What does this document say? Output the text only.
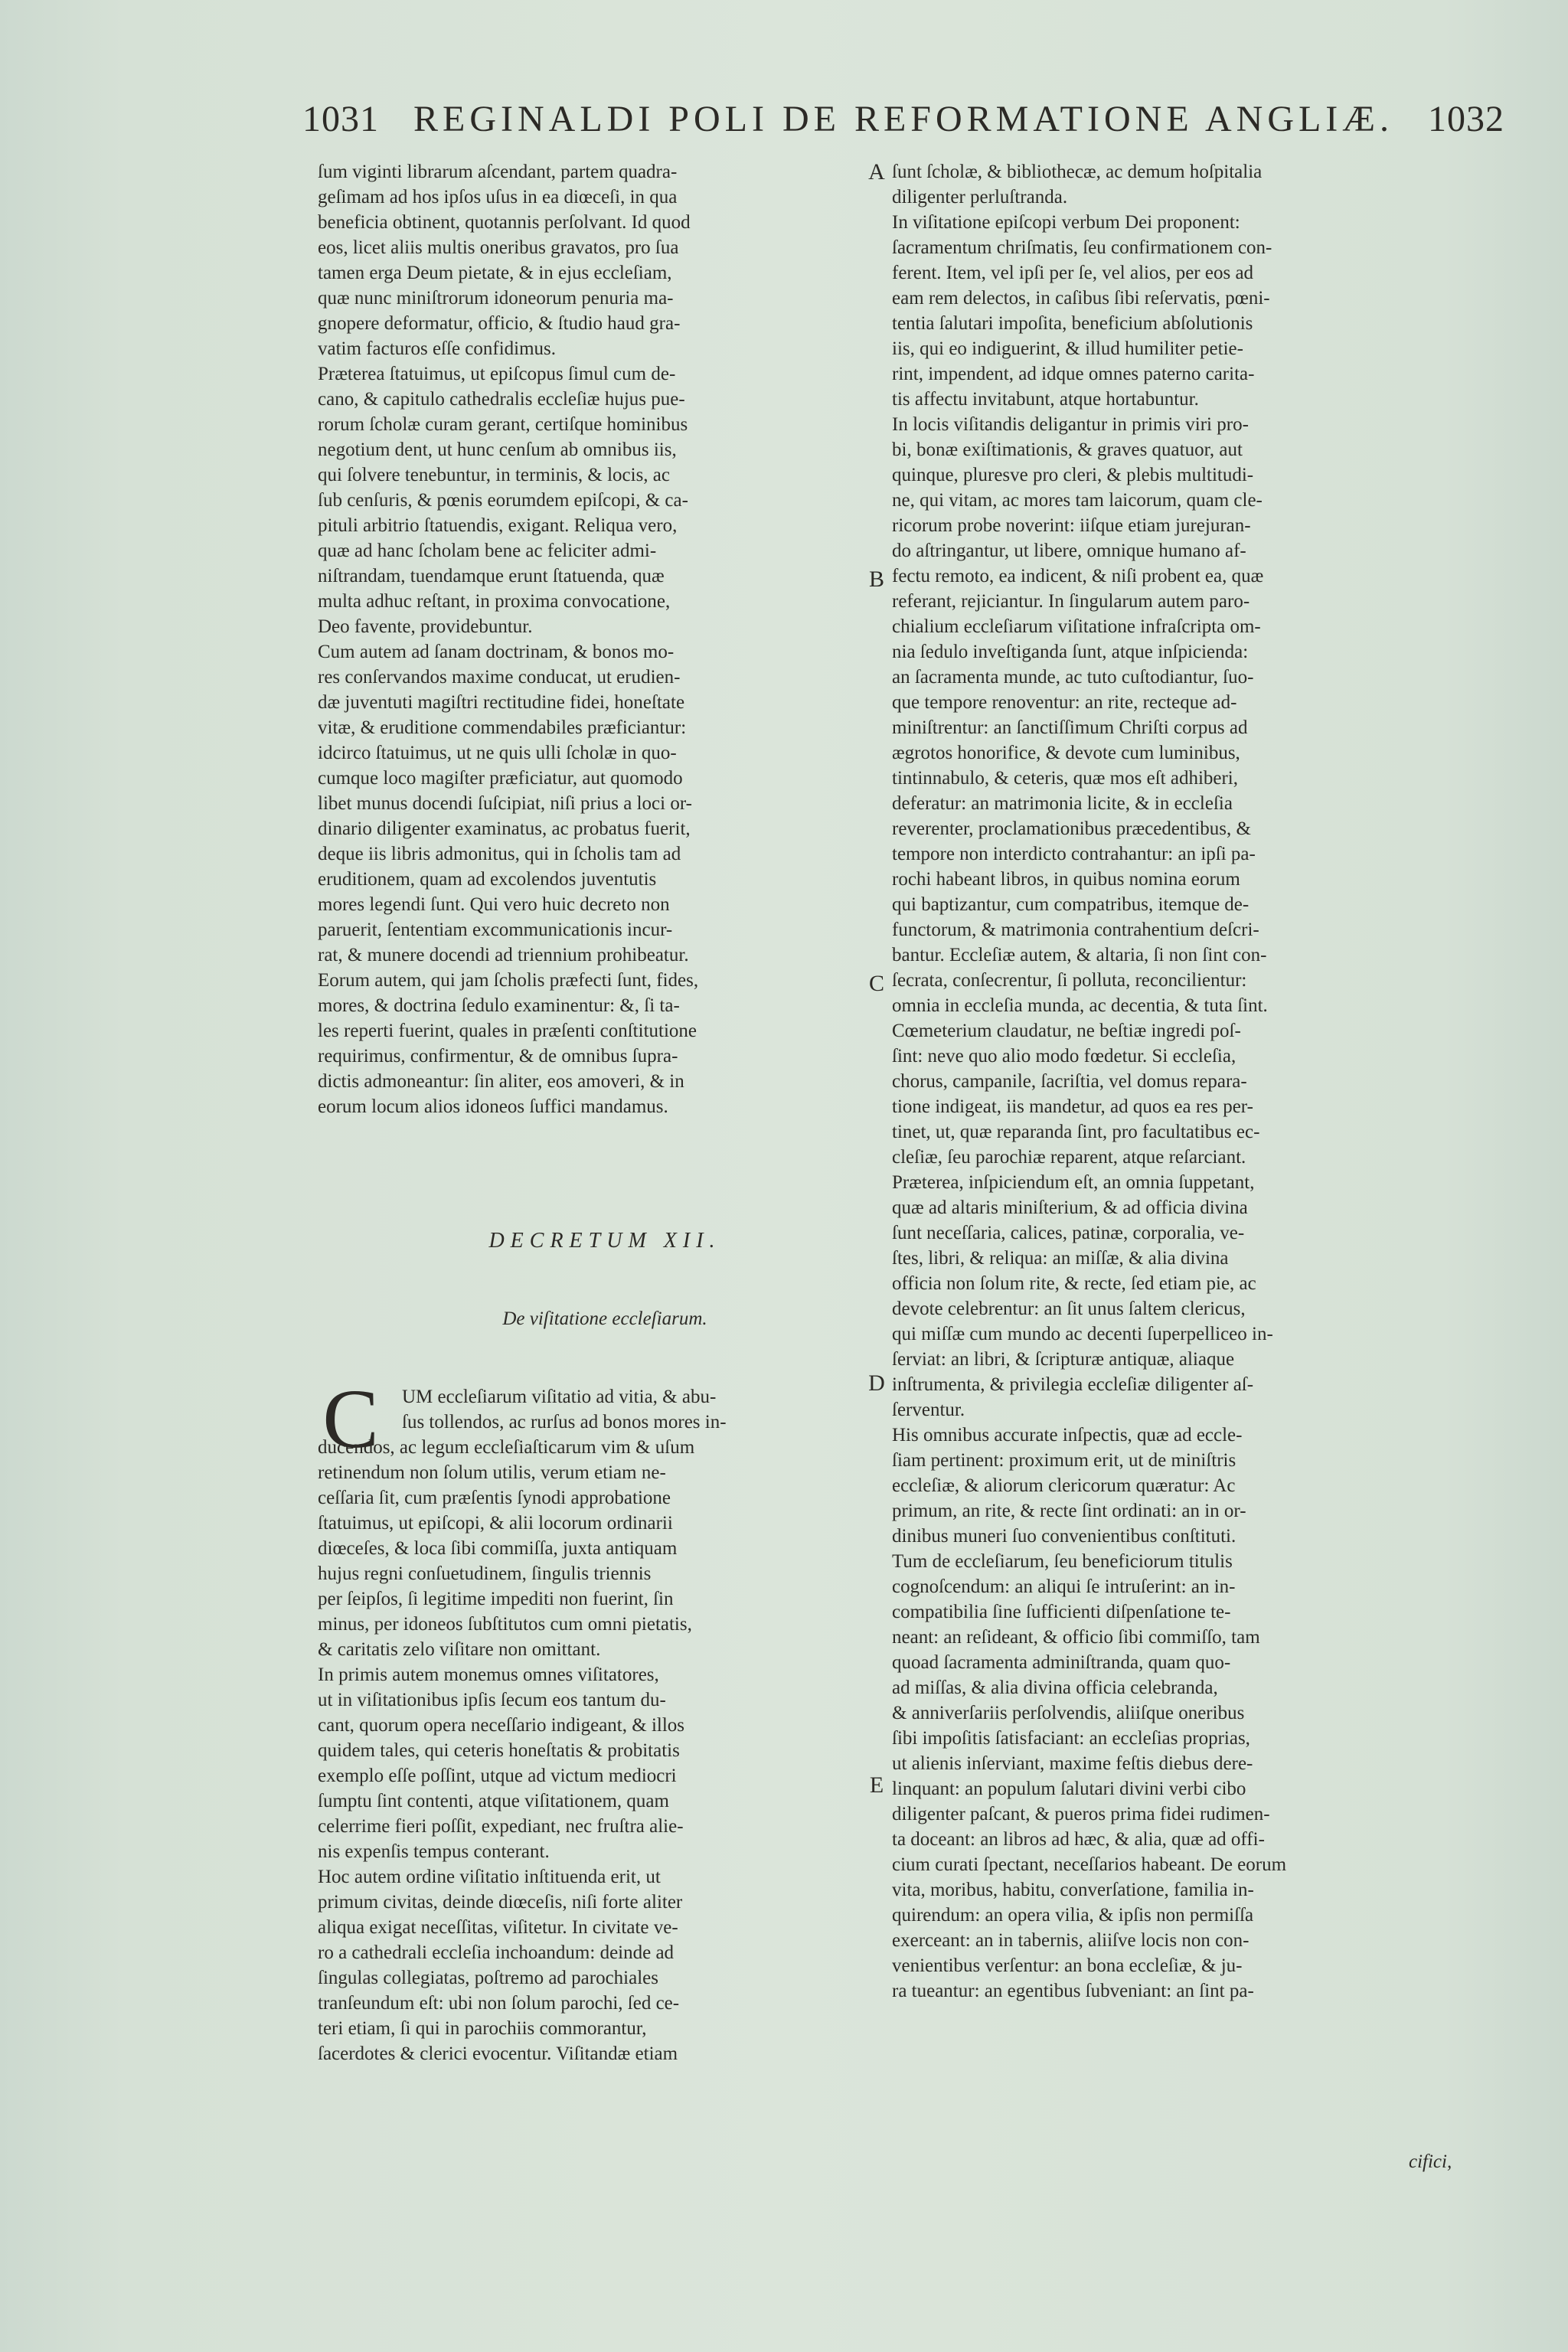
1031 REGINALDI POLI DE REFORMATIONE ANGLIÆ. 1032
ſum viginti librarum aſcendant, partem quadra-
geſimam ad hos ipſos uſus in ea diœceſi, in qua
beneficia obtinent, quotannis perſolvant. Id quod
eos, licet aliis multis oneribus gravatos, pro ſua
tamen erga Deum pietate, & in ejus eccleſiam,
quæ nunc miniſtrorum idoneorum penuria ma-
gnopere deformatur, officio, & ſtudio haud gra-
vatim facturos eſſe confidimus.
Præterea ſtatuimus, ut epiſcopus ſimul cum de-
cano, & capitulo cathedralis eccleſiæ hujus pue-
rorum ſcholæ curam gerant, certiſque hominibus
negotium dent, ut hunc cenſum ab omnibus iis,
qui ſolvere tenebuntur, in terminis, & locis, ac
ſub cenſuris, & pœnis eorumdem epiſcopi, & ca-
pituli arbitrio ſtatuendis, exigant. Reliqua vero,
quæ ad hanc ſcholam bene ac feliciter admi-
niſtrandam, tuendamque erunt ſtatuenda, quæ
multa adhuc reſtant, in proxima convocatione,
Deo favente, providebuntur.
Cum autem ad ſanam doctrinam, & bonos mo-
res conſervandos maxime conducat, ut erudien-
dæ juventuti magiſtri rectitudine fidei, honeſtate
vitæ, & eruditione commendabiles præficiantur:
idcirco ſtatuimus, ut ne quis ulli ſcholæ in quo-
cumque loco magiſter præficiatur, aut quomodo
libet munus docendi ſuſcipiat, niſi prius a loci or-
dinario diligenter examinatus, ac probatus fuerit,
deque iis libris admonitus, qui in ſcholis tam ad
eruditionem, quam ad excolendos juventutis
mores legendi ſunt. Qui vero huic decreto non
paruerit, ſententiam excommunicationis incur-
rat, & munere docendi ad triennium prohibeatur.
Eorum autem, qui jam ſcholis præfecti ſunt, fides,
mores, & doctrina ſedulo examinentur: &, ſi ta-
les reperti fuerint, quales in præſenti conſtitutione
requirimus, confirmentur, & de omnibus ſupra-
dictis admoneantur: ſin aliter, eos amoveri, & in
eorum locum alios idoneos ſuffici mandamus.
DECRETUM XII.
De viſitatione eccleſiarum.
C	UM eccleſiarum viſitatio ad vitia, & abu-
ſus tollendos, ac rurſus ad bonos mores in-
ducendos, ac legum eccleſiaſticarum vim & uſum
retinendum non ſolum utilis, verum etiam ne-
ceſſaria ſit, cum præſentis ſynodi approbatione
ſtatuimus, ut epiſcopi, & alii locorum ordinarii
diœceſes, & loca ſibi commiſſa, juxta antiquam
hujus regni conſuetudinem, ſingulis triennis
per ſeipſos, ſi legitime impediti non fuerint, ſin
minus, per idoneos ſubſtitutos cum omni pietatis,
& caritatis zelo viſitare non omittant.
In primis autem monemus omnes viſitatores,
ut in viſitationibus ipſis ſecum eos tantum du-
cant, quorum opera neceſſario indigeant, & illos
quidem tales, qui ceteris honeſtatis & probitatis
exemplo eſſe poſſint, utque ad victum mediocri
ſumptu ſint contenti, atque viſitationem, quam
celerrime fieri poſſit, expediant, nec fruſtra alie-
nis expenſis tempus conterant.
Hoc autem ordine viſitatio inſtituenda erit, ut
primum civitas, deinde diœceſis, niſi forte aliter
aliqua exigat neceſſitas, viſitetur. In civitate ve-
ro a cathedrali eccleſia inchoandum: deinde ad
ſingulas collegiatas, poſtremo ad parochiales
tranſeundum eſt: ubi non ſolum parochi, ſed ce-
teri etiam, ſi qui in parochiis commorantur,
ſacerdotes & clerici evocentur. Viſitandæ etiam
ſunt ſcholæ, & bibliothecæ, ac demum hoſpitalia
diligenter perluſtranda.
In viſitatione epiſcopi verbum Dei proponent:
ſacramentum chriſmatis, ſeu confirmationem con-
ferent. Item, vel ipſi per ſe, vel alios, per eos ad
eam rem delectos, in caſibus ſibi reſervatis, pœni-
tentia ſalutari impoſita, beneficium abſolutionis
iis, qui eo indiguerint, & illud humiliter petie-
rint, impendent, ad idque omnes paterno carita-
tis affectu invitabunt, atque hortabuntur.
In locis viſitandis deligantur in primis viri pro-
bi, bonæ exiſtimationis, & graves quatuor, aut
quinque, pluresve pro cleri, & plebis multitudi-
ne, qui vitam, ac mores tam laicorum, quam cle-
ricorum probe noverint: iiſque etiam jurejuran-
do aſtringantur, ut libere, omnique humano af-
fectu remoto, ea indicent, & niſi probent ea, quæ
referant, rejiciantur. In ſingularum autem paro-
chialium eccleſiarum viſitatione infraſcripta om-
nia ſedulo inveſtiganda ſunt, atque inſpicienda:
an ſacramenta munde, ac tuto cuſtodiantur, ſuo-
que tempore renoventur: an rite, recteque ad-
miniſtrentur: an ſanctiſſimum Chriſti corpus ad
ægrotos honorifice, & devote cum luminibus,
tintinnabulo, & ceteris, quæ mos eſt adhiberi,
deferatur: an matrimonia licite, & in eccleſia
reverenter, proclamationibus præcedentibus, &
tempore non interdicto contrahantur: an ipſi pa-
rochi habeant libros, in quibus nomina eorum
qui baptizantur, cum compatribus, itemque de-
functorum, & matrimonia contrahentium deſcri-
bantur. Eccleſiæ autem, & altaria, ſi non ſint con-
ſecrata, conſecrentur, ſi polluta, reconcilientur:
omnia in eccleſia munda, ac decentia, & tuta ſint.
Cœmeterium claudatur, ne beſtiæ ingredi poſ-
ſint: neve quo alio modo fœdetur. Si eccleſia,
chorus, campanile, ſacriſtia, vel domus repara-
tione indigeat, iis mandetur, ad quos ea res per-
tinet, ut, quæ reparanda ſint, pro facultatibus ec-
cleſiæ, ſeu parochiæ reparent, atque reſarciant.
Præterea, inſpiciendum eſt, an omnia ſuppetant,
quæ ad altaris miniſterium, & ad officia divina
ſunt neceſſaria, calices, patinæ, corporalia, ve-
ſtes, libri, & reliqua: an miſſæ, & alia divina
officia non ſolum rite, & recte, ſed etiam pie, ac
devote celebrentur: an ſit unus ſaltem clericus,
qui miſſæ cum mundo ac decenti ſuperpelliceo in-
ſerviat: an libri, & ſcripturæ antiquæ, aliaque
inſtrumenta, & privilegia eccleſiæ diligenter aſ-
ſerventur.
His omnibus accurate inſpectis, quæ ad eccle-
ſiam pertinent: proximum erit, ut de miniſtris
eccleſiæ, & aliorum clericorum quæratur: Ac
primum, an rite, & recte ſint ordinati: an in or-
dinibus muneri ſuo convenientibus conſtituti.
Tum de eccleſiarum, ſeu beneficiorum titulis
cognoſcendum: an aliqui ſe intruſerint: an in-
compatibilia ſine ſufficienti diſpenſatione te-
neant: an reſideant, & officio ſibi commiſſo, tam
quoad ſacramenta adminiſtranda, quam quo-
ad miſſas, & alia divina officia celebranda,
& anniverſariis perſolvendis, aliiſque oneribus
ſibi impoſitis ſatisfaciant: an eccleſias proprias,
ut alienis inſerviant, maxime feſtis diebus dere-
linquant: an populum ſalutari divini verbi cibo
diligenter paſcant, & pueros prima fidei rudimen-
ta doceant: an libros ad hæc, & alia, quæ ad offi-
cium curati ſpectant, neceſſarios habeant. De eorum
vita, moribus, habitu, converſatione, familia in-
quirendum: an opera vilia, & ipſis non permiſſa
exerceant: an in tabernis, aliiſve locis non con-
venientibus verſentur: an bona eccleſiæ, & ju-
ra tueantur: an egentibus ſubveniant: an ſint pa-
A
B
C
D
E
cifici,
